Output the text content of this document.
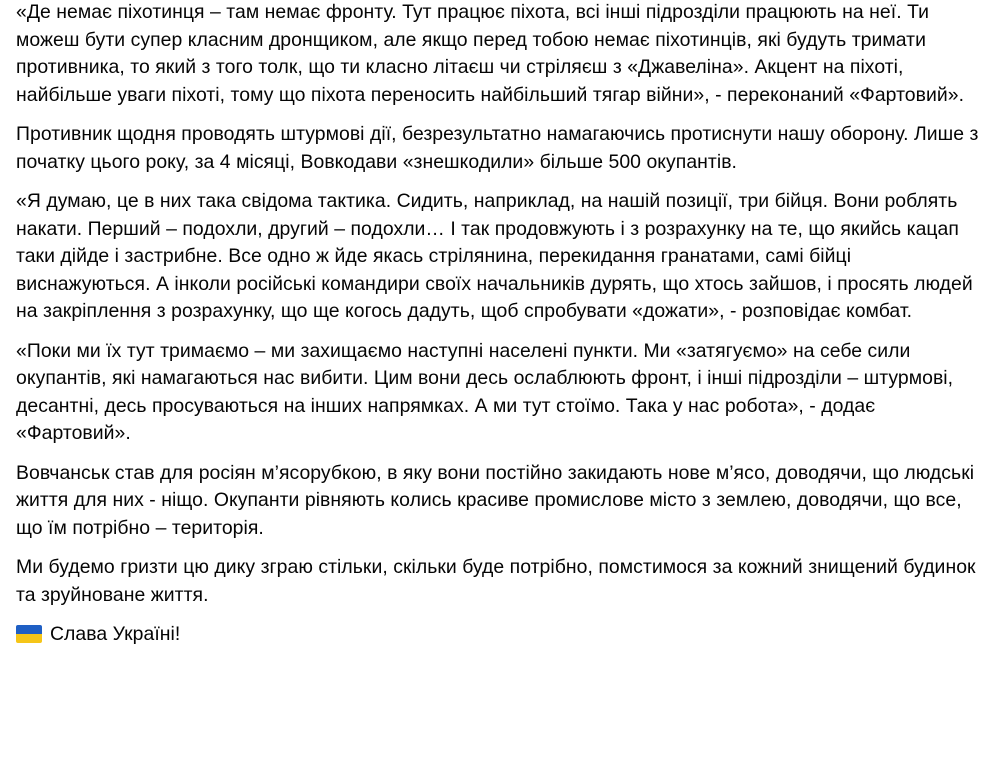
«Де немає піхотинця – там немає фронту. Тут працює піхота, всі інші підрозділи працюють на неї. Ти можеш бути супер класним дронщиком, але якщо перед тобою немає піхотинців, які будуть тримати противника, то який з того толк, що ти класно літаєш чи стріляєш з «Джавеліна». Акцент на піхоті, найбільше уваги піхоті, тому що піхота переносить найбільший тягар війни», - переконаний «Фартовий».

Противник щодня проводять штурмові дії, безрезультатно намагаючись протиснути нашу оборону. Лише з початку цього року, за 4 місяці, Вовкодави «знешкодили» більше 500 окупантів.

«Я думаю, це в них така свідома тактика. Сидить, наприклад, на нашій позиції, три бійця. Вони роблять накати. Перший – подохли, другий – подохли… І так продовжують і з розрахунку на те, що якийсь кацап таки дійде і застрибне. Все одно ж йде якась стрілянина, перекидання гранатами, самі бійці виснажуються. А інколи російські командири своїх начальників дурять, що хтось зайшов, і просять людей на закріплення з розрахунку, що ще когось дадуть, щоб спробувати «дожати», - розповідає комбат.

«Поки ми їх тут тримаємо – ми захищаємо наступні населені пункти. Ми «затягуємо» на себе сили окупантів, які намагаються нас вибити. Цим вони десь ослаблюють фронт, і інші підрозділи – штурмові, десантні, десь просуваються на інших напрямках. А ми тут стоїмо. Така у нас робота», - додає «Фартовий».

Вовчанськ став для росіян м’ясорубкою, в яку вони постійно закидають нове м’ясо, доводячи, що людські життя для них - ніщо. Окупанти рівняють колись красиве промислове місто з землею, доводячи, що все, що їм потрібно – територія.

Ми будемо гризти цю дику зграю стільки, скільки буде потрібно, помстимося за кожний знищений будинок та зруйноване життя.

Слава Україні!
